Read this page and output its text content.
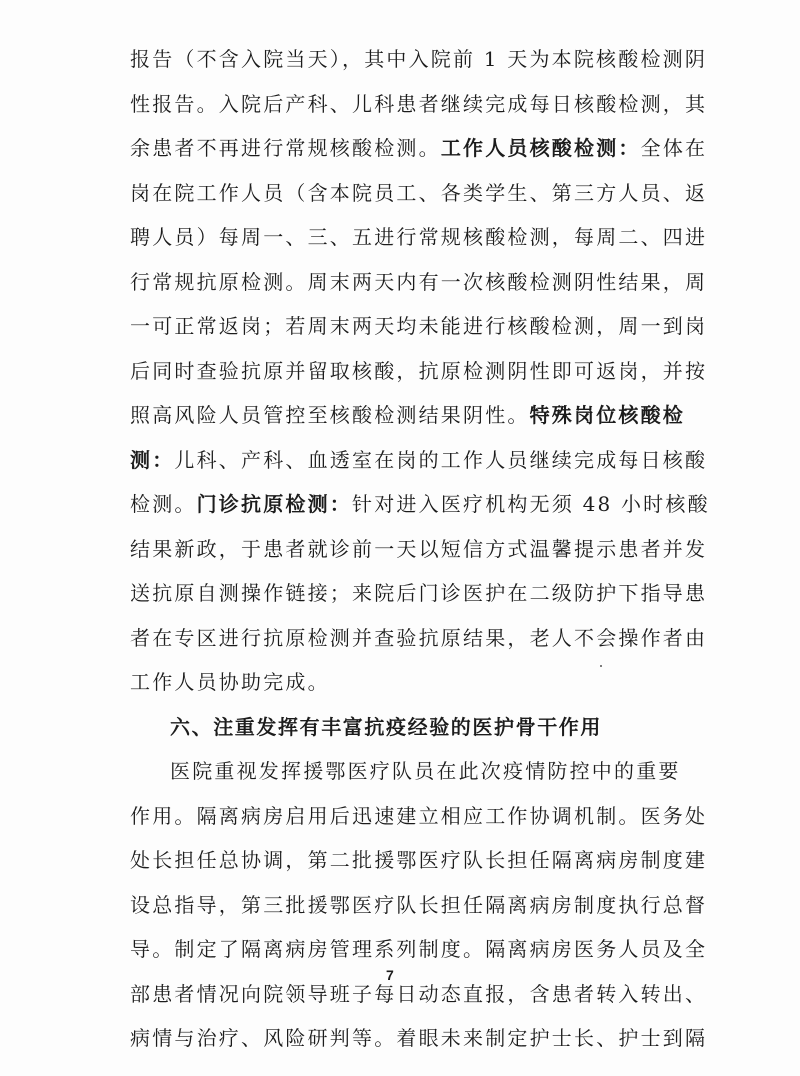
报告（不含入院当天），其中入院前 1 天为本院核酸检测阴
性报告。入院后产科、儿科患者继续完成每日核酸检测，其
余患者不再进行常规核酸检测。工作人员核酸检测：全体在
岗在院工作人员（含本院员工、各类学生、第三方人员、返
聘人员）每周一、三、五进行常规核酸检测，每周二、四进
行常规抗原检测。周末两天内有一次核酸检测阴性结果，周
一可正常返岗；若周末两天均未能进行核酸检测，周一到岗
后同时查验抗原并留取核酸，抗原检测阴性即可返岗，并按
照高风险人员管控至核酸检测结果阴性。特殊岗位核酸检
测：儿科、产科、血透室在岗的工作人员继续完成每日核酸
检测。门诊抗原检测：针对进入医疗机构无须 48 小时核酸
结果新政，于患者就诊前一天以短信方式温馨提示患者并发
送抗原自测操作链接；来院后门诊医护在二级防护下指导患
者在专区进行抗原检测并查验抗原结果，老人不会操作者由
工作人员协助完成。
六、注重发挥有丰富抗疫经验的医护骨干作用
7
医院重视发挥援鄂医疗队员在此次疫情防控中的重要
作用。隔离病房启用后迅速建立相应工作协调机制。医务处
处长担任总协调，第二批援鄂医疗队长担任隔离病房制度建
设总指导，第三批援鄂医疗队长担任隔离病房制度执行总督
导。制定了隔离病房管理系列制度。隔离病房医务人员及全
部患者情况向院领导班子每日动态直报，含患者转入转出、
病情与治疗、风险研判等。着眼未来制定护士长、护士到隔
